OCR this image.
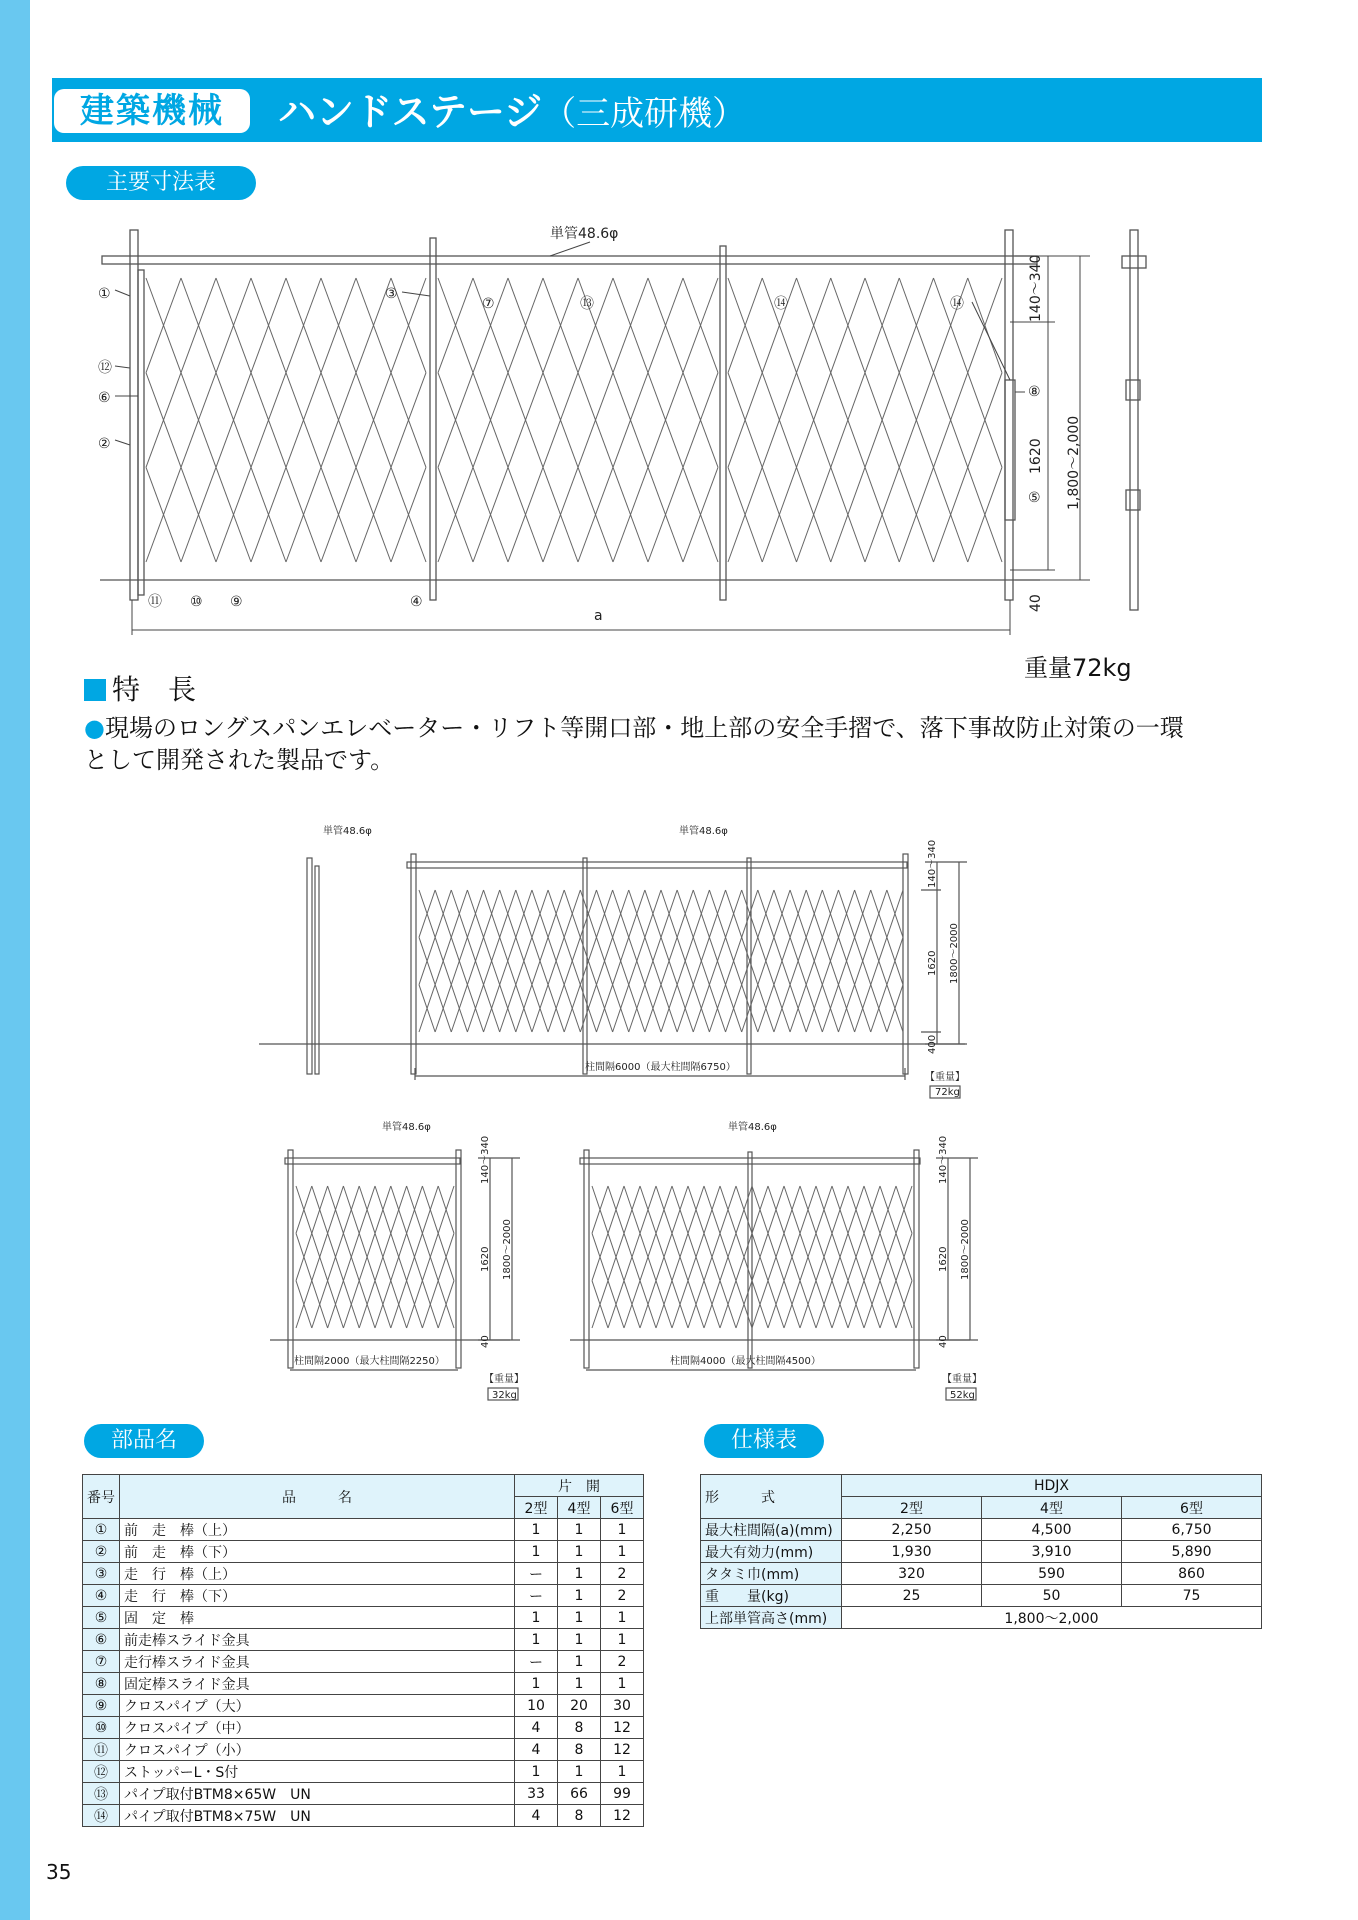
建築機械	ハンドステージ（三成研機）
主要寸法表
単管48.6φ
①
②
③
④
⑤
⑥
⑦
⑧
⑨
⑩
⑪
⑫
⑬	⑭	⑭	140～340
1620 1,800～2,000
40
a
重量72kg
特　長
●現場のロングスパンエレベーター・リフト等開口部・地上部の安全手摺で、落下事故防止対策の一環として開発された製品です。
単管48.6φ	単管48.6φ
柱間隔6000（最大柱間隔6750）
【重量】
72kg
140～340
1620 1800～2000
400
単管48.6φ
柱間隔2000（最大柱間隔2250）
【重量】
32kg
140～340
1620 1800～2000
40
単管48.6φ
柱間隔4000（最大柱間隔4500）
【重量】
52kg
140～340
1620 1800～2000
40
部品名	仕様表
番号	品　　　名	片　開		
		2型	4型	6型
①	前　走　棒（上）	1	1	1
②	前　走　棒（下）	1	1	1
③	走　行　棒（上）	ー	1	2
④	走　行　棒（下）	ー	1	2
⑤	固　定　棒	1	1	1
⑥	前走棒スライド金具	1	1	1
⑦	走行棒スライド金具	ー	1	2
⑧	固定棒スライド金具	1	1	1
⑨	クロスパイプ（大）	10	20	30
⑩	クロスパイプ（中）	4	8	12
⑪	クロスパイプ（小）	4	8	12
⑫	ストッパーL・S付	1	1	1
⑬	パイプ取付BTM8×65W　UN	33	66	99
⑭	パイプ取付BTM8×75W　UN	4	8	12
形　　　式	HDJX		
	2型	4型	6型
最大柱間隔(a)(mm)	2,250	4,500	6,750
最大有効力(mm)	1,930	3,910	5,890
タタミ巾(mm)	320	590	860
重　　量(kg)	25	50	75
上部単管高さ(mm)	1,800～2,000		
35
